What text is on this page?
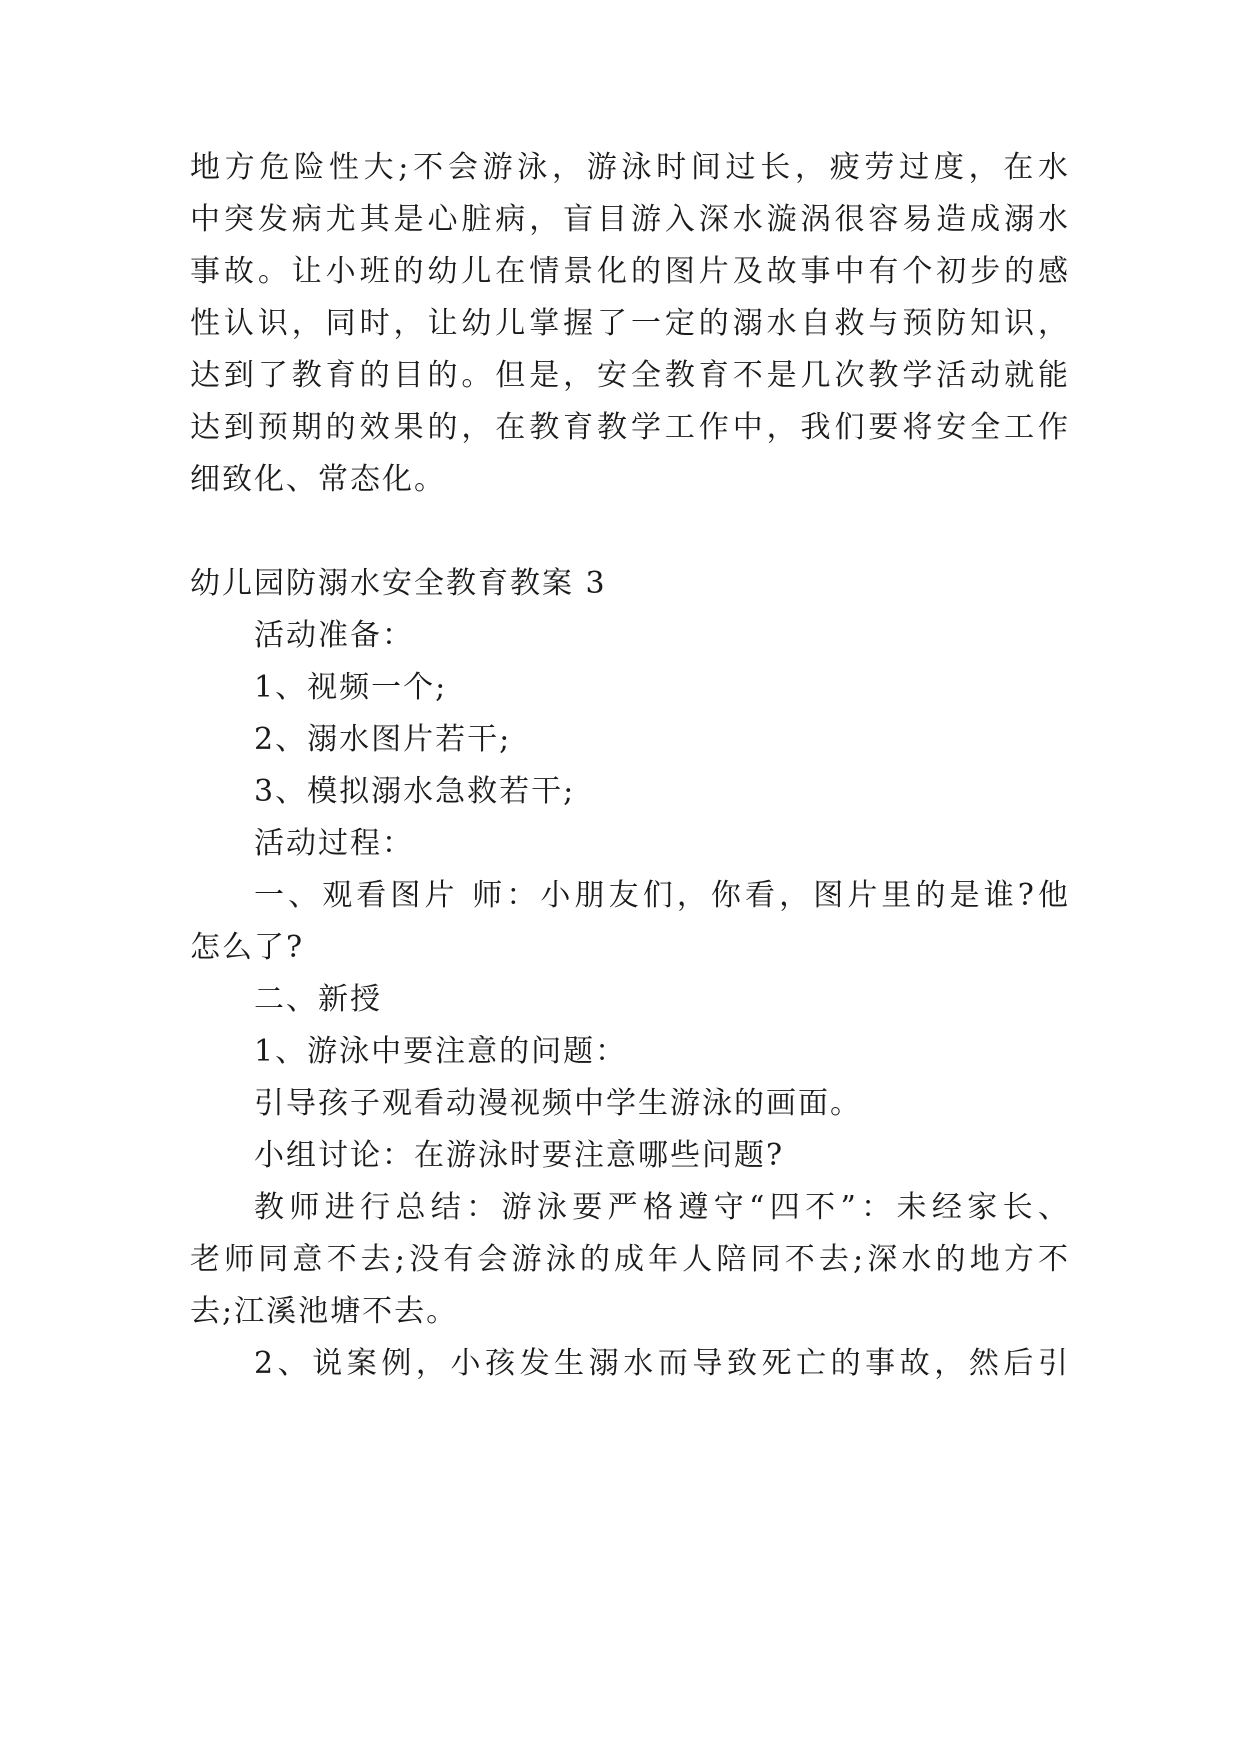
地方危险性大;不会游泳，游泳时间过长，疲劳过度，在水
中突发病尤其是心脏病，盲目游入深水漩涡很容易造成溺水
事故。让小班的幼儿在情景化的图片及故事中有个初步的感
性认识，同时，让幼儿掌握了一定的溺水自救与预防知识，
达到了教育的目的。但是，安全教育不是几次教学活动就能
达到预期的效果的，在教育教学工作中，我们要将安全工作
细致化、常态化。
幼儿园防溺水安全教育教案 3
活动准备：
1、视频一个;
2、溺水图片若干;
3、模拟溺水急救若干;
活动过程：
一、观看图片 师：小朋友们，你看，图片里的是谁?他
怎么了?
二、新授
1、游泳中要注意的问题：
引导孩子观看动漫视频中学生游泳的画面。
小组讨论：在游泳时要注意哪些问题?
教师进行总结：游泳要严格遵守“四不”：未经家长、
老师同意不去;没有会游泳的成年人陪同不去;深水的地方不
去;江溪池塘不去。
2、说案例，小孩发生溺水而导致死亡的事故，然后引
